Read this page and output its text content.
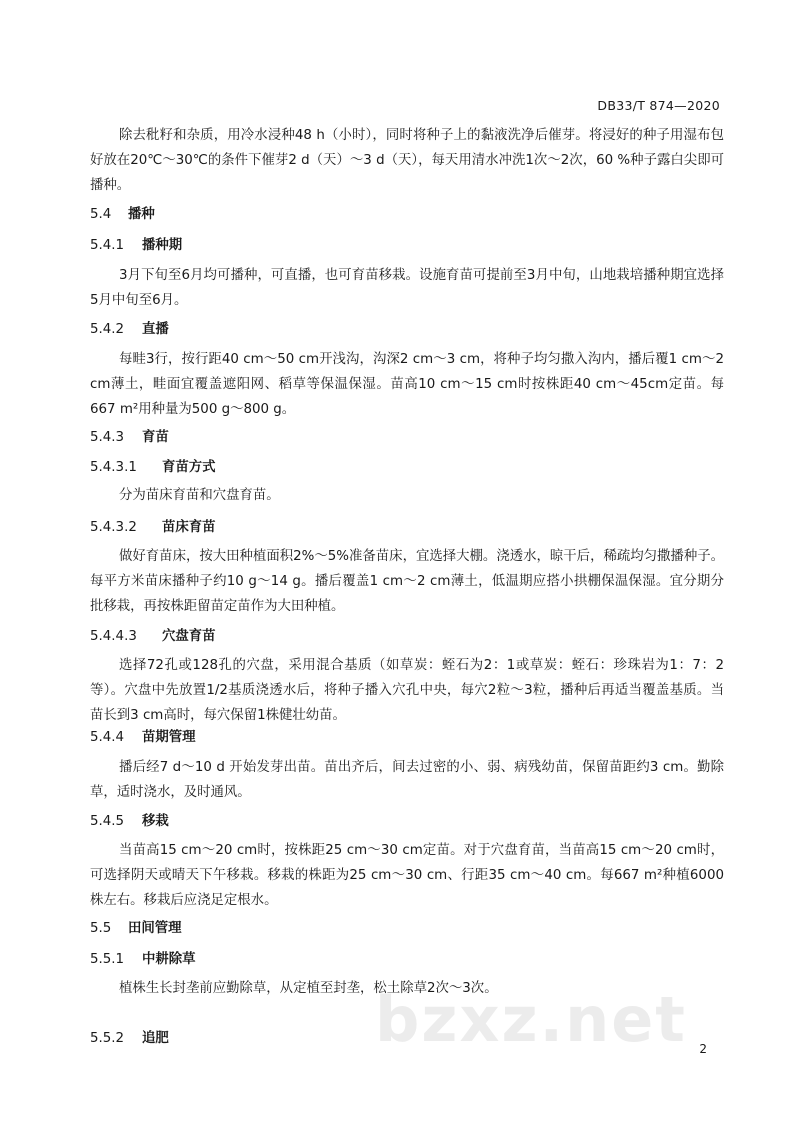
DB33/T 874—2020

除去秕籽和杂质，用冷水浸种48 h（小时），同时将种子上的黏液洗净后催芽。将浸好的种子用湿布包好放在20℃～30℃的条件下催芽2 d（天）～3 d（天），每天用清水冲洗1次～2次，60 %种子露白尖即可播种。

5.4 播种
5.4.1 播种期

3月下旬至6月均可播种，可直播，也可育苗移栽。设施育苗可提前至3月中旬，山地栽培播种期宜选择5月中旬至6月。

5.4.2 直播

每畦3行，按行距40 cm～50 cm开浅沟，沟深2 cm～3 cm，将种子均匀撒入沟内，播后覆1 cm～2 cm薄土，畦面宜覆盖遮阳网、稻草等保温保湿。苗高10 cm～15 cm时按株距40 cm～45cm定苗。每667 m²用种量为500 g～800 g。

5.4.3 育苗
5.4.3.1 育苗方式

分为苗床育苗和穴盘育苗。

5.4.3.2 苗床育苗

做好育苗床，按大田种植面积2%～5%准备苗床，宜选择大棚。浇透水，晾干后，稀疏均匀撒播种子。每平方米苗床播种子约10 g～14 g。播后覆盖1 cm～2 cm薄土，低温期应搭小拱棚保温保湿。宜分期分批移栽，再按株距留苗定苗作为大田种植。

5.4.4.3 穴盘育苗

选择72孔或128孔的穴盘，采用混合基质（如草炭：蛭石为2：1或草炭：蛭石：珍珠岩为1：7：2等）。穴盘中先放置1/2基质浇透水后，将种子播入穴孔中央，每穴2粒～3粒，播种后再适当覆盖基质。当苗长到3 cm高时，每穴保留1株健壮幼苗。

5.4.4 苗期管理

播后经7 d～10 d 开始发芽出苗。苗出齐后，间去过密的小、弱、病残幼苗，保留苗距约3 cm。勤除草，适时浇水，及时通风。

5.4.5 移栽

当苗高15 cm～20 cm时，按株距25 cm～30 cm定苗。对于穴盘育苗，当苗高15 cm～20 cm时，可选择阴天或晴天下午移栽。移栽的株距为25 cm～30 cm、行距35 cm～40 cm。每667 m²种植6000株左右。移栽后应浇足定根水。

5.5 田间管理
5.5.1 中耕除草

植株生长封垄前应勤除草，从定植至封垄，松土除草2次～3次。

5.5.2 追肥	bzxz.net 2
